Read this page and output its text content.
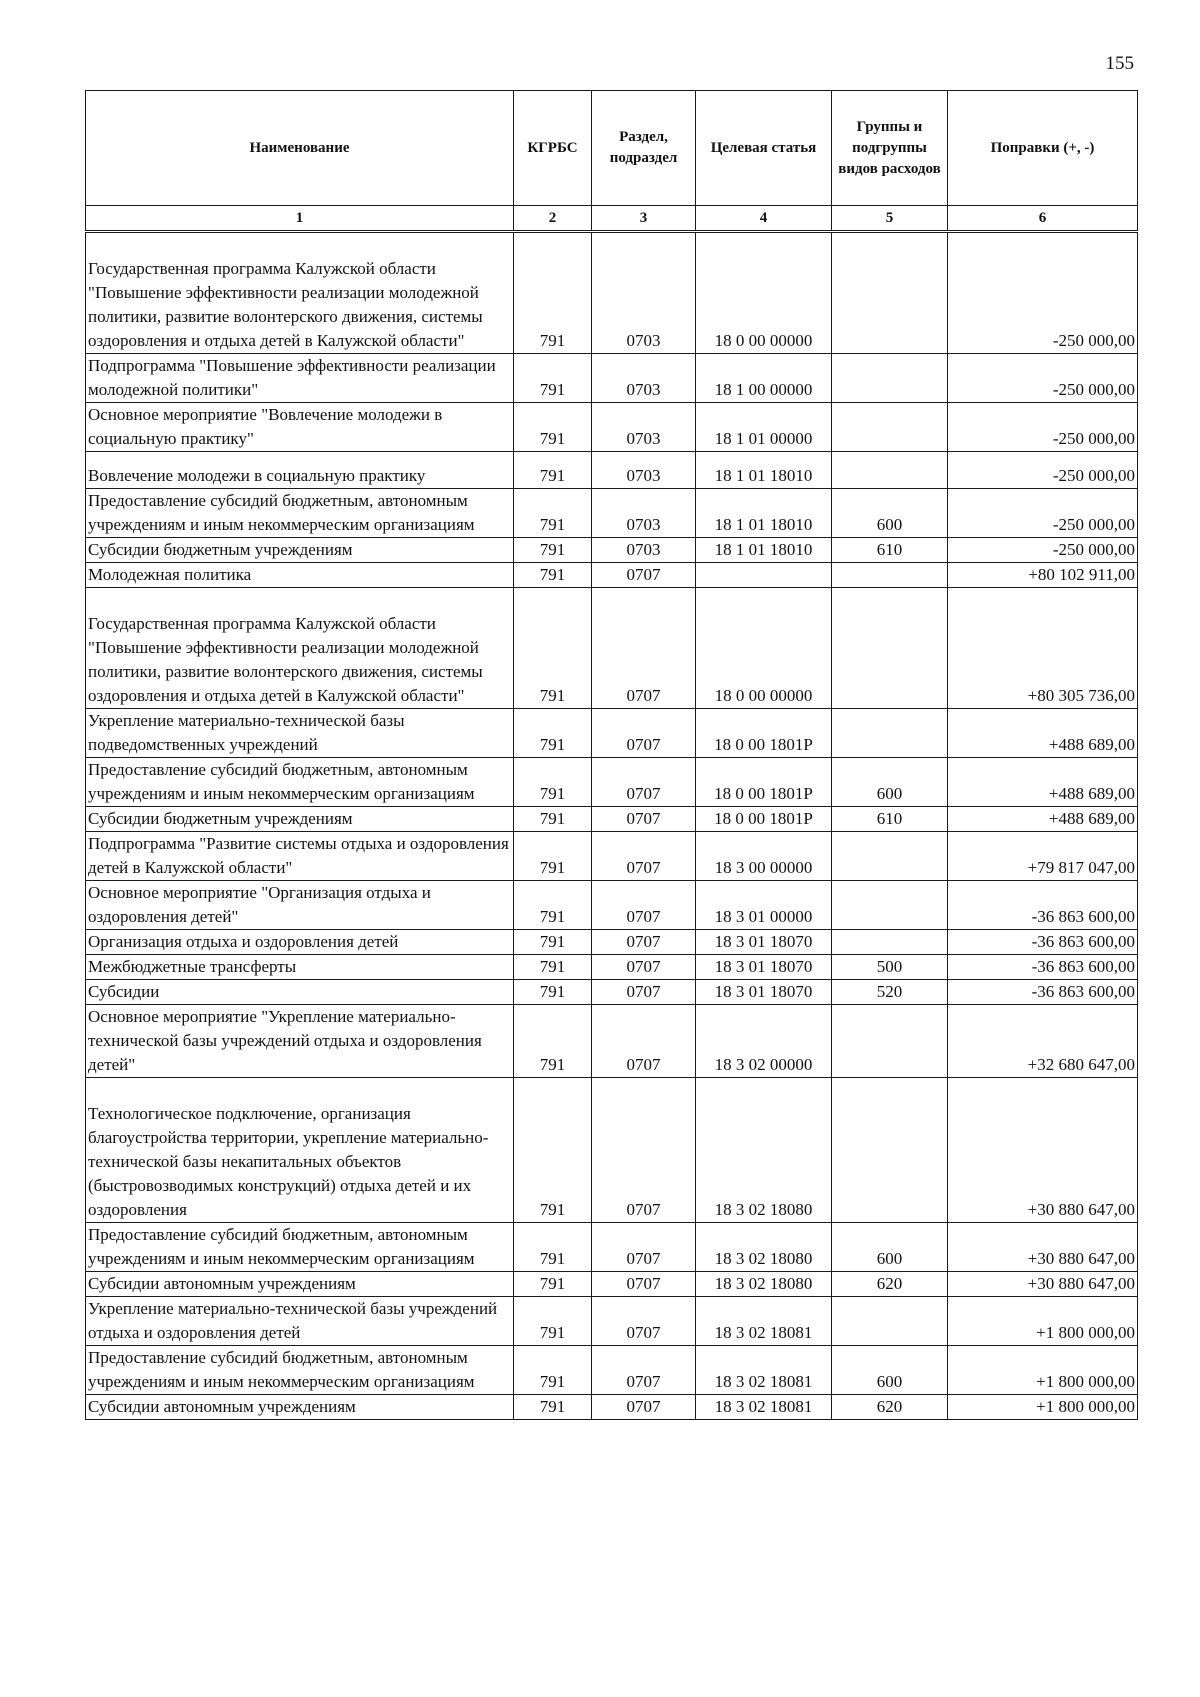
155
Наименование	КГРБС	Раздел, подраздел	Целевая статья	Группы и подгруппы видов расходов	Поправки (+, -)
1	2	3	4	5	6
Государственная программа Калужской области "Повышение эффективности реализации молодежной политики, развитие волонтерского движения, системы оздоровления и отдыха детей в Калужской области"	791	0703	18 0 00 00000		-250 000,00
Подпрограмма "Повышение эффективности реализации молодежной политики"	791	0703	18 1 00 00000		-250 000,00
Основное мероприятие "Вовлечение молодежи в социальную практику"	791	0703	18 1 01 00000		-250 000,00
Вовлечение молодежи в социальную практику	791	0703	18 1 01 18010		-250 000,00
Предоставление субсидий бюджетным, автономным учреждениям и иным некоммерческим организациям	791	0703	18 1 01 18010	600	-250 000,00
Субсидии бюджетным учреждениям	791	0703	18 1 01 18010	610	-250 000,00
Молодежная политика	791	0707			+80 102 911,00
Государственная программа Калужской области "Повышение эффективности реализации молодежной политики, развитие волонтерского движения, системы оздоровления и отдыха детей в Калужской области"	791	0707	18 0 00 00000		+80 305 736,00
Укрепление материально-технической базы подведомственных учреждений	791	0707	18 0 00 1801P		+488 689,00
Предоставление субсидий бюджетным, автономным учреждениям и иным некоммерческим организациям	791	0707	18 0 00 1801P	600	+488 689,00
Субсидии бюджетным учреждениям	791	0707	18 0 00 1801P	610	+488 689,00
Подпрограмма "Развитие системы отдыха и оздоровления детей в Калужской области"	791	0707	18 3 00 00000		+79 817 047,00
Основное мероприятие "Организация отдыха и оздоровления детей"	791	0707	18 3 01 00000		-36 863 600,00
Организация отдыха и оздоровления детей	791	0707	18 3 01 18070		-36 863 600,00
Межбюджетные трансферты	791	0707	18 3 01 18070	500	-36 863 600,00
Субсидии	791	0707	18 3 01 18070	520	-36 863 600,00
Основное мероприятие "Укрепление материально-технической базы учреждений отдыха и оздоровления детей"	791	0707	18 3 02 00000		+32 680 647,00
Технологическое подключение, организация благоустройства территории, укрепление материально-технической базы некапитальных объектов (быстровозводимых конструкций) отдыха детей и их оздоровления	791	0707	18 3 02 18080		+30 880 647,00
Предоставление субсидий бюджетным, автономным учреждениям и иным некоммерческим организациям	791	0707	18 3 02 18080	600	+30 880 647,00
Субсидии автономным учреждениям	791	0707	18 3 02 18080	620	+30 880 647,00
Укрепление материально-технической базы учреждений отдыха и оздоровления детей	791	0707	18 3 02 18081		+1 800 000,00
Предоставление субсидий бюджетным, автономным учреждениям и иным некоммерческим организациям	791	0707	18 3 02 18081	600	+1 800 000,00
Субсидии автономным учреждениям	791	0707	18 3 02 18081	620	+1 800 000,00
